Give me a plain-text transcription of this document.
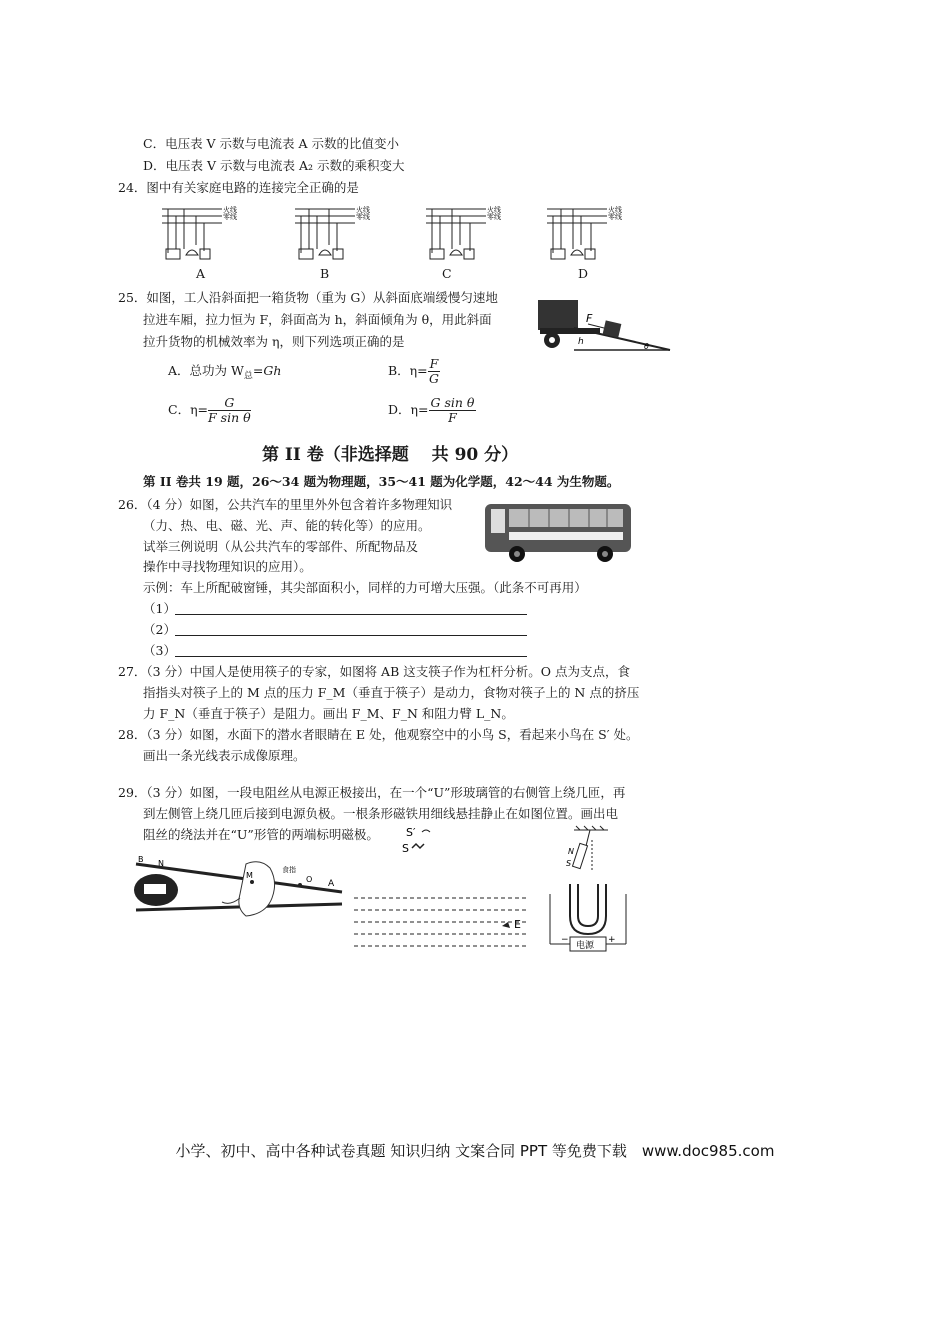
C．电压表 V 示数与电流表 A 示数的比值变小
D．电压表 V 示数与电流表 A₂ 示数的乘积变大
24．图中有关家庭电路的连接完全正确的是
火线
零线
A
火线
零线
B
火线
零线
C
火线
零线
D
25．如图，工人沿斜面把一箱货物（重为 G）从斜面底端缓慢匀速地
拉进车厢，拉力恒为 F，斜面高为 h，斜面倾角为 θ，用此斜面
拉升货物的机械效率为 η，则下列选项正确的是
F
h	θ
A．总功为 $W_总=Gh$	B．$\eta= \frac{F}{G}$
C．$\eta= \frac{G}{\text{F sin θ}}$	D．$\eta= \frac{\text{G sin θ}}{F}$
第 II 卷（非选择题　 共 90 分）
第 II 卷共 19 题，26～34 题为物理题，35～41 题为化学题，42～44 为生物题。
26．（4 分）如图，公共汽车的里里外外包含着许多物理知识
（力、热、电、磁、光、声、能的转化等）的应用。
试举三例说明（从公共汽车的零部件、所配物品及
操作中寻找物理知识的应用）。
示例：车上所配破窗锤，其尖部面积小，同样的力可增大压强。（此条不可再用）
（1）
（2）
（3）
27．（3 分）中国人是使用筷子的专家，如图将 AB 这支筷子作为杠杆分析。O 点为支点，食
指指头对筷子上的 M 点的压力 F_M（垂直于筷子）是动力，食物对筷子上的 N 点的挤压
力 F_N（垂直于筷子）是阻力。画出 F_M、F_N 和阻力臂 L_N。
28．（3 分）如图，水面下的潜水者眼睛在 E 处，他观察空中的小鸟 S，看起来小鸟在 S′ 处。
画出一条光线表示成像原理。
29．（3 分）如图，一段电阻丝从电源正极接出，在一个“U”形玻璃管的右侧管上绕几匝，再
到左侧管上绕几匝后接到电源负极。一根条形磁铁用细线悬挂静止在如图位置。画出电
阻丝的绕法并在“U”形管的两端标明磁极。
B N
M
食指
O A
S′
S
E
N
S
电源
−	+
小学、初中、高中各种试卷真题 知识归纳 文案合同 PPT 等免费下载　www.doc985.com
